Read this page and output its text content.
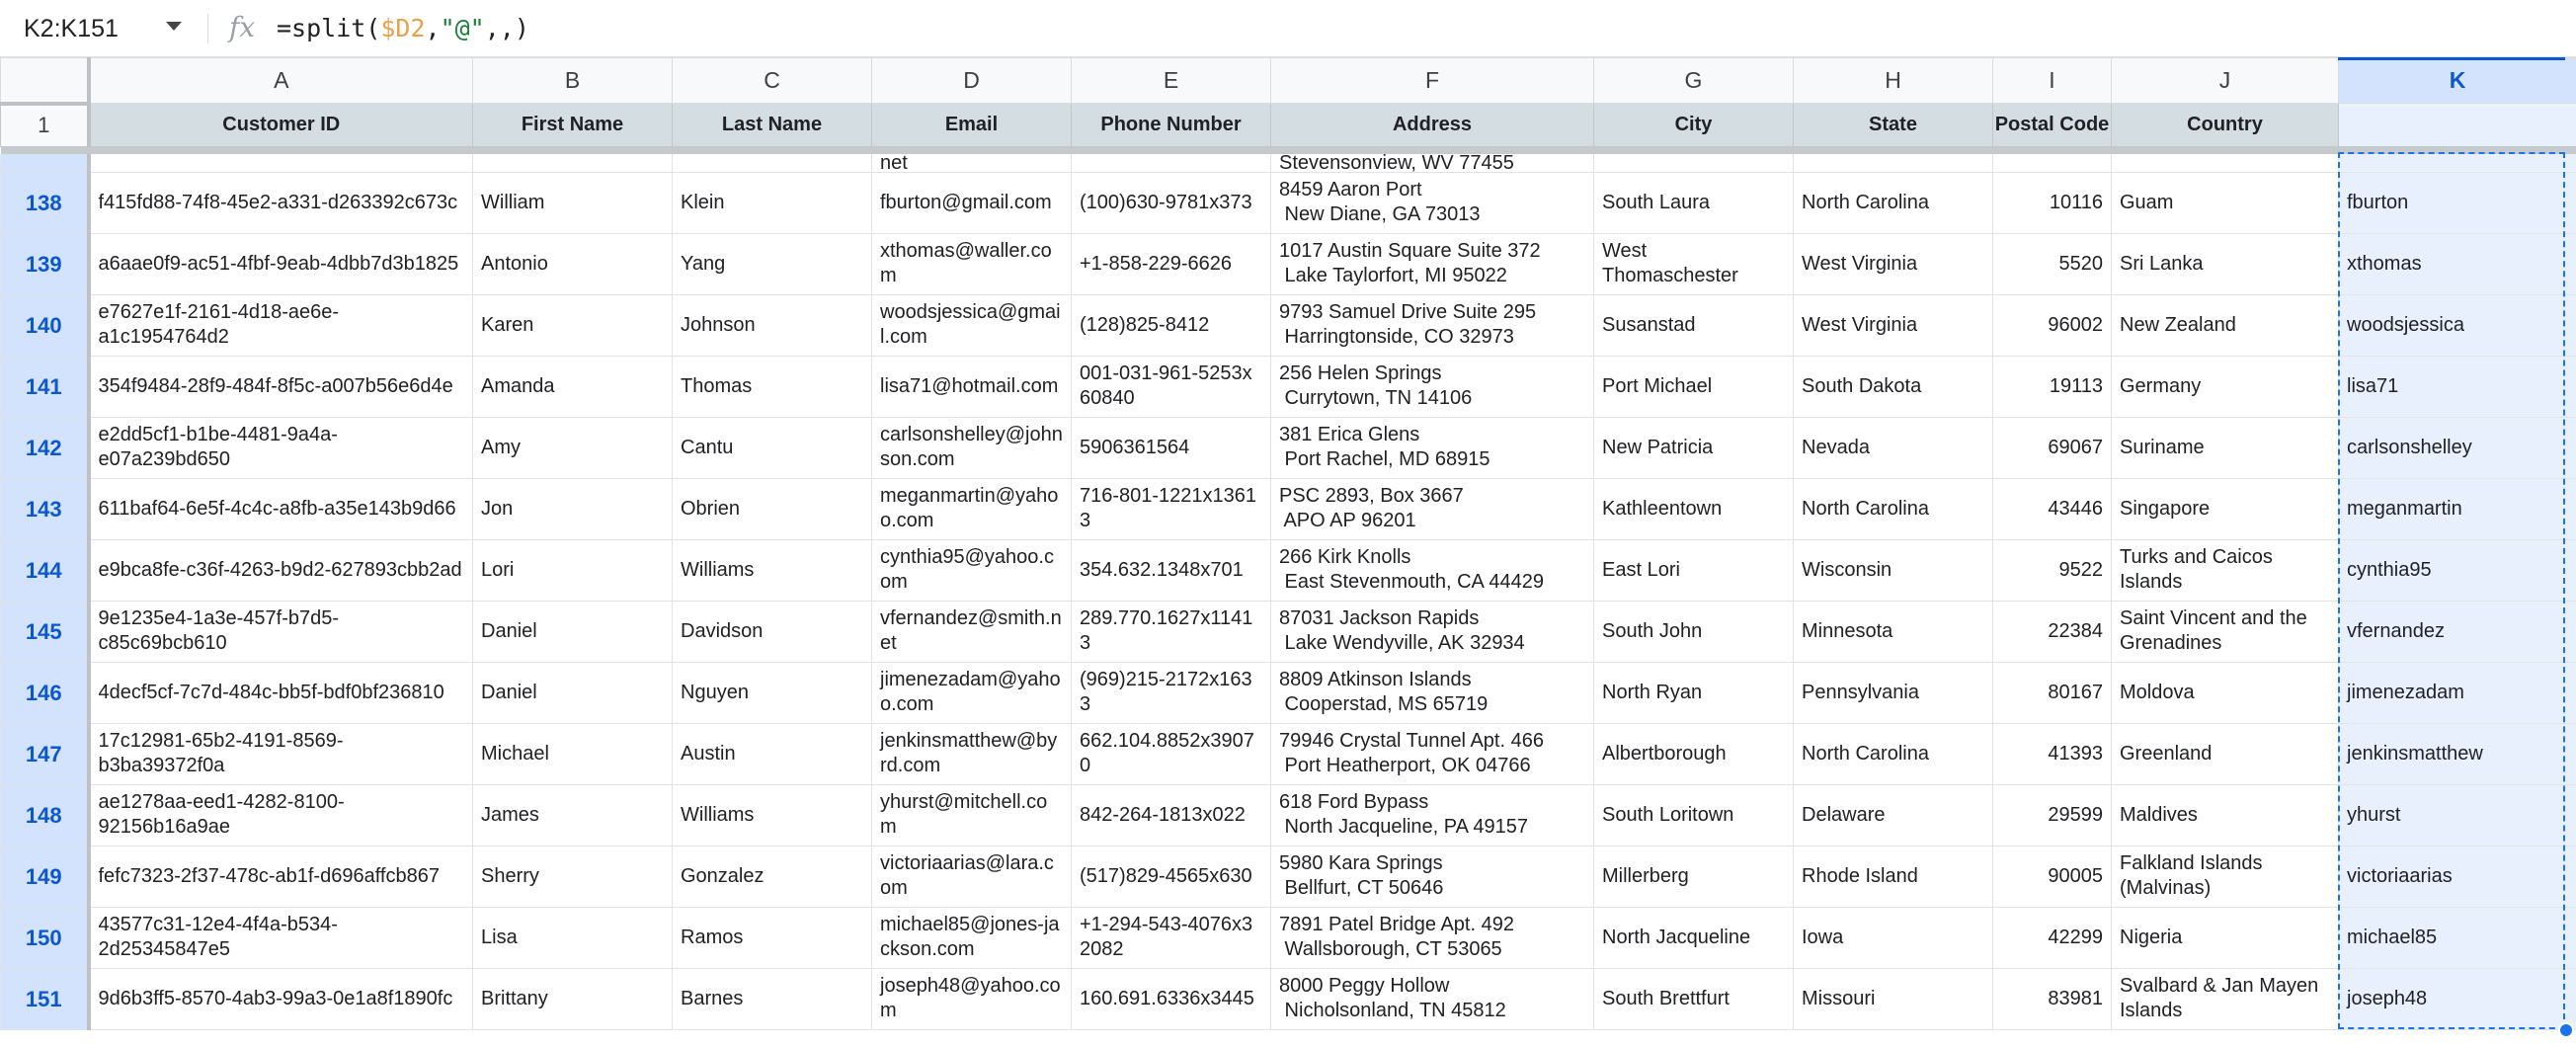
K2:K151	fx =split($D2,"@",,)
	A	B	C	D	E	F	G	H	I	J	K	
1	Customer ID	First Name	Last Name	Email	Phone Number	Address	City	State	Postal Code	Country		

				net		Stevensonview, WV 77455						
138	f415fd88-74f8-45e2-a331-d263392c673c	William	Klein	fburton@gmail.com	(100)630-9781x373	8459 Aaron Port
New Diane, GA 73013	South Laura	North Carolina	10116	Guam	fburton	
139	a6aae0f9-ac51-4fbf-9eab-4dbb7d3b1825	Antonio	Yang	xthomas@waller.com	+1-858-229-6626	1017 Austin Square Suite 372
Lake Taylorfort, MI 95022	West Thomaschester	West Virginia	5520	Sri Lanka	xthomas	
140	e7627e1f-2161-4d18-ae6e-a1c1954764d2	Karen	Johnson	woodsjessica@gmail.com	(128)825-8412	9793 Samuel Drive Suite 295
Harringtonside, CO 32973	Susanstad	West Virginia	96002	New Zealand	woodsjessica	
141	354f9484-28f9-484f-8f5c-a007b56e6d4e	Amanda	Thomas	lisa71@hotmail.com	001-031-961-5253x60840	256 Helen Springs
Currytown, TN 14106	Port Michael	South Dakota	19113	Germany	lisa71	
142	e2dd5cf1-b1be-4481-9a4a-e07a239bd650	Amy	Cantu	carlsonshelley@johnson.com	5906361564	381 Erica Glens
Port Rachel, MD 68915	New Patricia	Nevada	69067	Suriname	carlsonshelley	
143	611baf64-6e5f-4c4c-a8fb-a35e143b9d66	Jon	Obrien	meganmartin@yahoo.com	716-801-1221x13613	PSC 2893, Box 3667
APO AP 96201	Kathleentown	North Carolina	43446	Singapore	meganmartin	
144	e9bca8fe-c36f-4263-b9d2-627893cbb2ad	Lori	Williams	cynthia95@yahoo.com	354.632.1348x701	266 Kirk Knolls
East Stevenmouth, CA 44429	East Lori	Wisconsin	9522	Turks and Caicos Islands	cynthia95	
145	9e1235e4-1a3e-457f-b7d5-c85c69bcb610	Daniel	Davidson	vfernandez@smith.net	289.770.1627x11413	87031 Jackson Rapids
Lake Wendyville, AK 32934	South John	Minnesota	22384	Saint Vincent and the Grenadines	vfernandez	
146	4decf5cf-7c7d-484c-bb5f-bdf0bf236810	Daniel	Nguyen	jimenezadam@yahoo.com	(969)215-2172x1633	8809 Atkinson Islands
Cooperstad, MS 65719	North Ryan	Pennsylvania	80167	Moldova	jimenezadam	
147	17c12981-65b2-4191-8569-b3ba39372f0a	Michael	Austin	jenkinsmatthew@byrd.com	662.104.8852x39070	79946 Crystal Tunnel Apt. 466
Port Heatherport, OK 04766	Albertborough	North Carolina	41393	Greenland	jenkinsmatthew	
148	ae1278aa-eed1-4282-8100-92156b16a9ae	James	Williams	yhurst@mitchell.com	842-264-1813x022	618 Ford Bypass
North Jacqueline, PA 49157	South Loritown	Delaware	29599	Maldives	yhurst	
149	fefc7323-2f37-478c-ab1f-d696affcb867	Sherry	Gonzalez	victoriaarias@lara.com	(517)829-4565x630	5980 Kara Springs
Bellfurt, CT 50646	Millerberg	Rhode Island	90005	Falkland Islands (Malvinas)	victoriaarias	
150	43577c31-12e4-4f4a-b534-2d25345847e5	Lisa	Ramos	michael85@jones-jackson.com	+1-294-543-4076x32082	7891 Patel Bridge Apt. 492
Wallsborough, CT 53065	North Jacqueline	Iowa	42299	Nigeria	michael85	
151	9d6b3ff5-8570-4ab3-99a3-0e1a8f1890fc	Brittany	Barnes	joseph48@yahoo.com	160.691.6336x3445	8000 Peggy Hollow
Nicholsonland, TN 45812	South Brettfurt	Missouri	83981	Svalbard & Jan Mayen Islands	joseph48	
